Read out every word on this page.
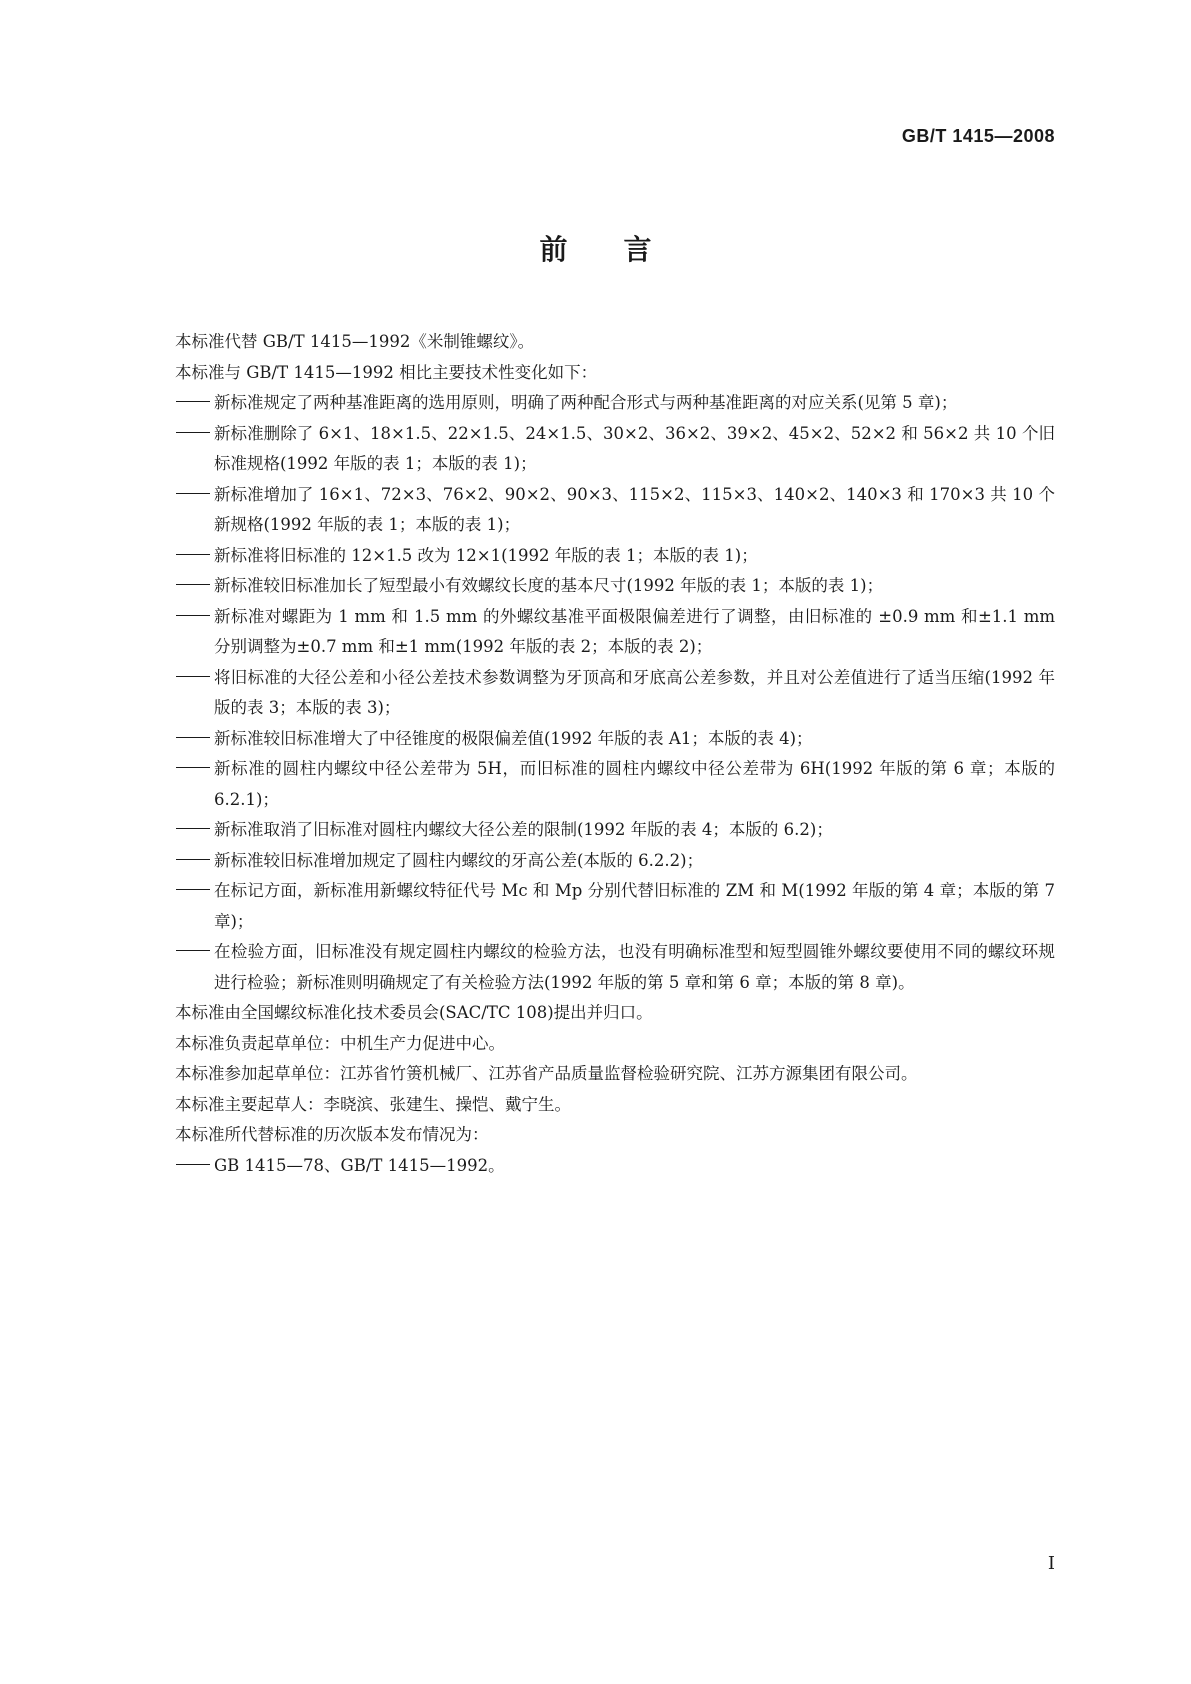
GB/T 1415—2008
前言

本标准代替 GB/T 1415—1992《米制锥螺纹》。

本标准与 GB/T 1415—1992 相比主要技术性变化如下：

新标准规定了两种基准距离的选用原则，明确了两种配合形式与两种基准距离的对应关系(见第 5 章)；
新标准删除了 6×1、18×1.5、22×1.5、24×1.5、30×2、36×2、39×2、45×2、52×2 和 56×2 共 10 个旧标准规格(1992 年版的表 1；本版的表 1)；
新标准增加了 16×1、72×3、76×2、90×2、90×3、115×2、115×3、140×2、140×3 和 170×3 共 10 个新规格(1992 年版的表 1；本版的表 1)；
新标准将旧标准的 12×1.5 改为 12×1(1992 年版的表 1；本版的表 1)；
新标准较旧标准加长了短型最小有效螺纹长度的基本尺寸(1992 年版的表 1；本版的表 1)；
新标准对螺距为 1 mm 和 1.5 mm 的外螺纹基准平面极限偏差进行了调整，由旧标准的 ±0.9 mm 和±1.1 mm 分别调整为±0.7 mm 和±1 mm(1992 年版的表 2；本版的表 2)；
将旧标准的大径公差和小径公差技术参数调整为牙顶高和牙底高公差参数，并且对公差值进行了适当压缩(1992 年版的表 3；本版的表 3)；
新标准较旧标准增大了中径锥度的极限偏差值(1992 年版的表 A1；本版的表 4)；
新标准的圆柱内螺纹中径公差带为 5H，而旧标准的圆柱内螺纹中径公差带为 6H(1992 年版的第 6 章；本版的 6.2.1)；
新标准取消了旧标准对圆柱内螺纹大径公差的限制(1992 年版的表 4；本版的 6.2)；
新标准较旧标准增加规定了圆柱内螺纹的牙高公差(本版的 6.2.2)；
在标记方面，新标准用新螺纹特征代号 Mc 和 Mp 分别代替旧标准的 ZM 和 M(1992 年版的第 4 章；本版的第 7 章)；
在检验方面，旧标准没有规定圆柱内螺纹的检验方法，也没有明确标准型和短型圆锥外螺纹要使用不同的螺纹环规进行检验；新标准则明确规定了有关检验方法(1992 年版的第 5 章和第 6 章；本版的第 8 章)。

本标准由全国螺纹标准化技术委员会(SAC/TC 108)提出并归口。

本标准负责起草单位：中机生产力促进中心。

本标准参加起草单位：江苏省竹箦机械厂、江苏省产品质量监督检验研究院、江苏方源集团有限公司。

本标准主要起草人：李晓滨、张建生、操恺、戴宁生。

本标准所代替标准的历次版本发布情况为：

GB 1415—78、GB/T 1415—1992。
I
